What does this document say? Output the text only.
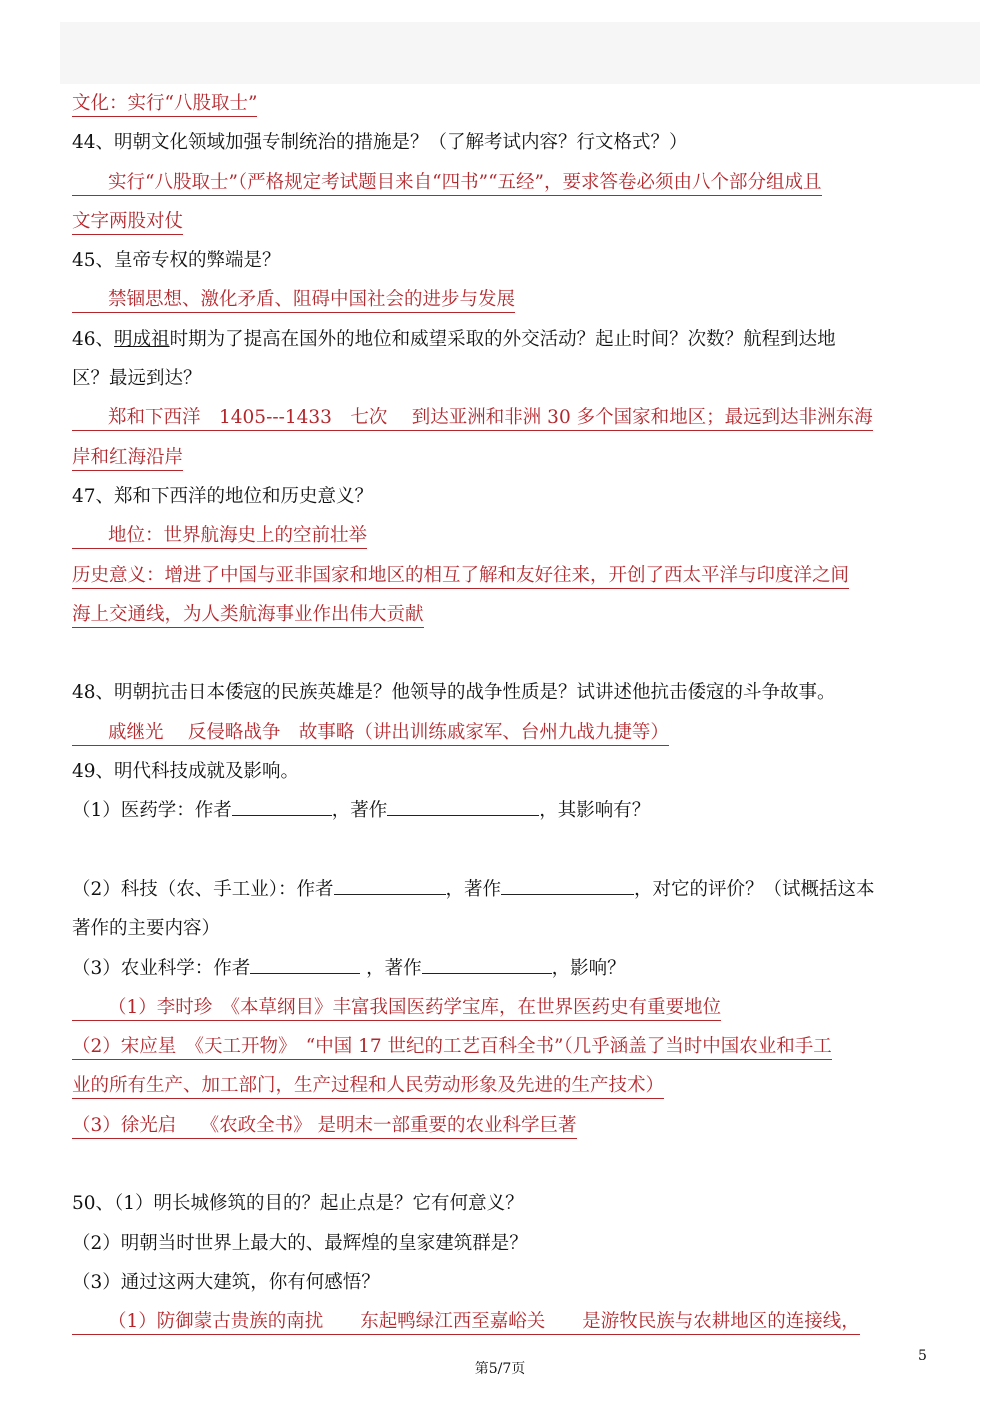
文化：实行“八股取士”
44、明朝文化领域加强专制统治的措施是？（了解考试内容？行文格式？）
实行“八股取士”（严格规定考试题目来自“四书”“五经”，要求答卷必须由八个部分组成且
文字两股对仗
45、皇帝专权的弊端是？
禁锢思想、激化矛盾、阻碍中国社会的进步与发展
46、明成祖时期为了提高在国外的地位和威望采取的外交活动？起止时间？次数？航程到达地
区？最远到达？
郑和下西洋　1405---1433　七次　 到达亚洲和非洲 30 多个国家和地区；最远到达非洲东海
岸和红海沿岸
47、郑和下西洋的地位和历史意义？
地位：世界航海史上的空前壮举
历史意义：增进了中国与亚非国家和地区的相互了解和友好往来，开创了西太平洋与印度洋之间
海上交通线，为人类航海事业作出伟大贡献
48、明朝抗击日本倭寇的民族英雄是？他领导的战争性质是？试讲述他抗击倭寇的斗争故事。
戚继光　 反侵略战争　故事略（讲出训练戚家军、台州九战九捷等）
49、明代科技成就及影响。
（1）医药学：作者	，著作	，其影响有？
（2）科技（农、手工业）：作者	，著作	，对它的评价？（试概括这本
著作的主要内容）
（3）农业科学：作者	，著作	，影响？
（1）李时珍　《本草纲目》丰富我国医药学宝库，在世界医药史有重要地位
（2）宋应星　《天工开物》　“中国 17 世纪的工艺百科全书”（几乎涵盖了当时中国农业和手工
业的所有生产、加工部门，生产过程和人民劳动形象及先进的生产技术）
（3）徐光启　 《农政全书》 是明末一部重要的农业科学巨著
50、（1）明长城修筑的目的？起止点是？它有何意义？
（2）明朝当时世界上最大的、最辉煌的皇家建筑群是？
（3）通过这两大建筑，你有何感悟？
（1）防御蒙古贵族的南扰　　东起鸭绿江西至嘉峪关　　是游牧民族与农耕地区的连接线，
5
第5/7页
